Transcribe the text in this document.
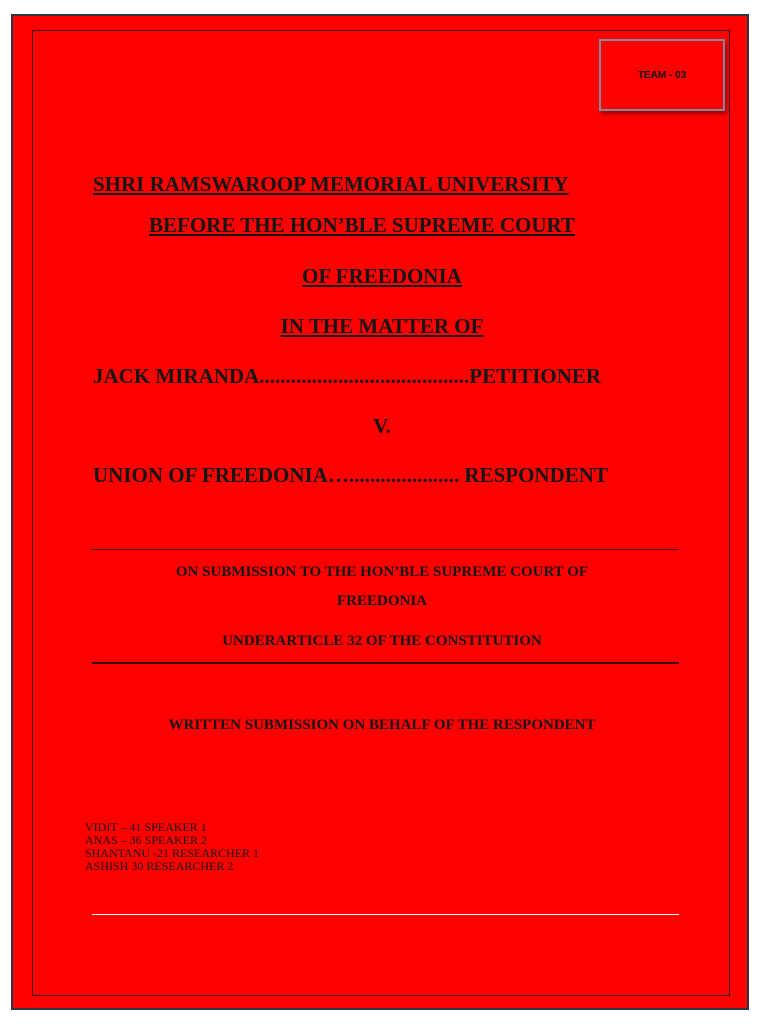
TEAM - 03
SHRI RAMSWAROOP MEMORIAL UNIVERSITY
BEFORE THE HON’BLE SUPREME COURT
OF FREEDONIA
IN THE MATTER OF
JACK MIRANDA........................................PETITIONER
V.
UNION OF FREEDONIA…..................... RESPONDENT
ON SUBMISSION TO THE HON’BLE SUPREME COURT OF
FREEDONIA
UNDERARTICLE 32 OF THE CONSTITUTION
WRITTEN SUBMISSION ON BEHALF OF THE RESPONDENT
VIDIT – 41 SPEAKER 1
ANAS – 36 SPEAKER 2
SHANTANU -21 RESEARCHER 1
ASHISH 30 RESEARCHER 2
